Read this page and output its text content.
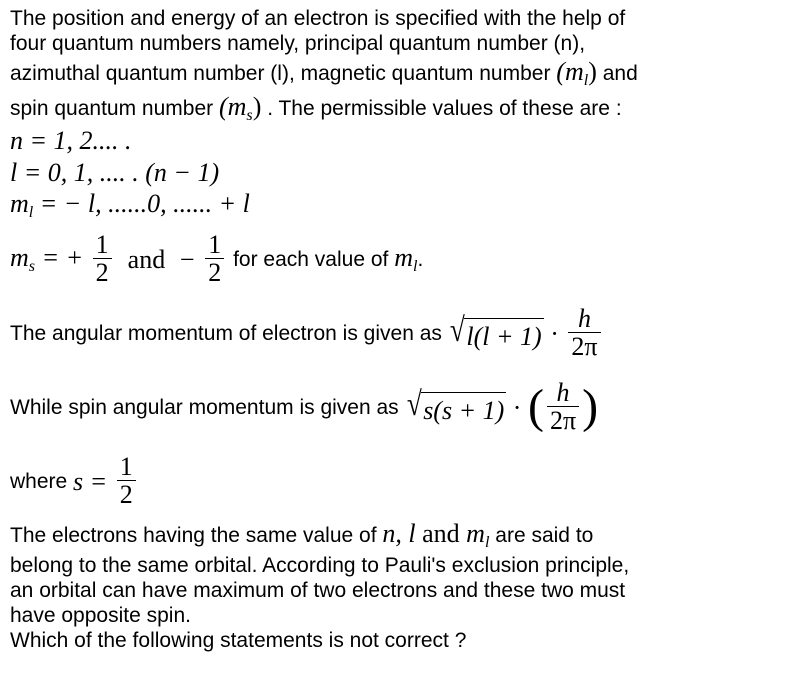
The position and energy of an electron is specified with the help of
four quantum numbers namely, principal quantum number (n),
azimuthal quantum number (l), magnetic quantum number $(m_l)$ and
spin quantum number $(m_s)$ . The permissible values of these are :
n = 1, 2.... .
l = 0, 1, .... . (n − 1)
$m_l$ = − l, ......0, ...... + l
$m_s$ = + $\frac{1}{2}$ and − $\frac{1}{2}$ for each value of $m_l$ .
The angular momentum of electron is given as √ $l(l + 1) \cdot \frac{h}{2\pi}$
While spin angular momentum is given as √ s(s + 1) · ( $\frac{h}{2\pi}$ )
where $s = \frac{1}{2}$
The electrons having the same value of n, l and $m_l$ are said to
belong to the same orbital. According to Pauli's exclusion principle,
an orbital can have maximum of two electrons and these two must
have opposite spin.
Which of the following statements is not correct ?
